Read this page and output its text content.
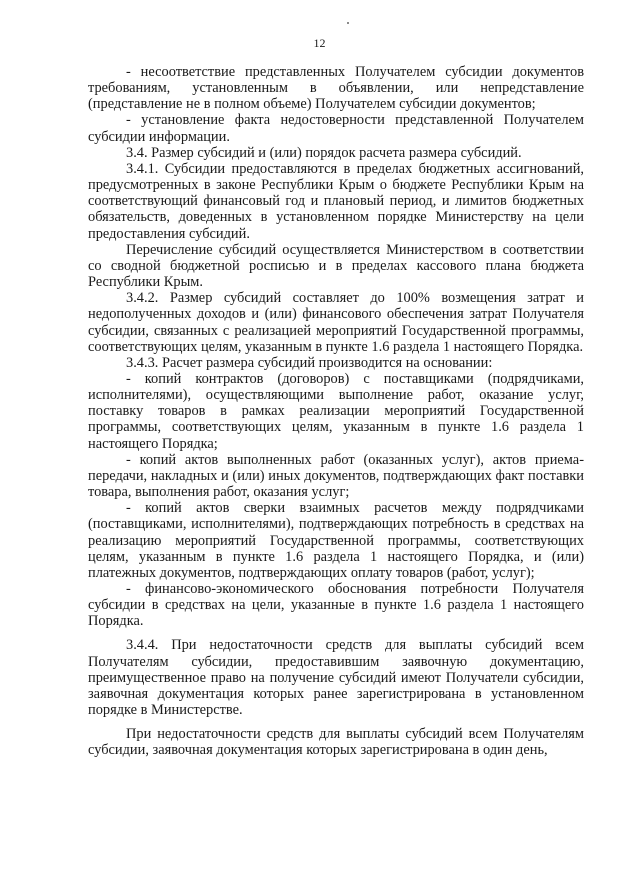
12

- несоответствие представленных Получателем субсидии документов требованиям, установленным в объявлении, или непредставление (представление не в полном объеме) Получателем субсидии документов;

- установление факта недостоверности представленной Получателем субсидии информации.

3.4. Размер субсидий и (или) порядок расчета размера субсидий.

3.4.1. Субсидии предоставляются в пределах бюджетных ассигнований, предусмотренных в законе Республики Крым о бюджете Республики Крым на соответствующий финансовый год и плановый период, и лимитов бюджетных обязательств, доведенных в установленном порядке Министерству на цели предоставления субсидий.

Перечисление субсидий осуществляется Министерством в соответствии со сводной бюджетной росписью и в пределах кассового плана бюджета Республики Крым.

3.4.2. Размер субсидий составляет до 100% возмещения затрат и недополученных доходов и (или) финансового обеспечения затрат Получателя субсидии, связанных с реализацией мероприятий Государственной программы, соответствующих целям, указанным в пункте 1.6 раздела 1 настоящего Порядка.

3.4.3. Расчет размера субсидий производится на основании:

- копий контрактов (договоров) с поставщиками (подрядчиками, исполнителями), осуществляющими выполнение работ, оказание услуг, поставку товаров в рамках реализации мероприятий Государственной программы, соответствующих целям, указанным в пункте 1.6 раздела 1 настоящего Порядка;

- копий актов выполненных работ (оказанных услуг), актов приема-передачи, накладных и (или) иных документов, подтверждающих факт поставки товара, выполнения работ, оказания услуг;

- копий актов сверки взаимных расчетов между подрядчиками (поставщиками, исполнителями), подтверждающих потребность в средствах на реализацию мероприятий Государственной программы, соответствующих целям, указанным в пункте 1.6 раздела 1 настоящего Порядка, и (или) платежных документов, подтверждающих оплату товаров (работ, услуг);

- финансово-экономического обоснования потребности Получателя субсидии в средствах на цели, указанные в пункте 1.6 раздела 1 настоящего Порядка.

3.4.4. При недостаточности средств для выплаты субсидий всем Получателям субсидии, предоставившим заявочную документацию, преимущественное право на получение субсидий имеют Получатели субсидии, заявочная документация которых ранее зарегистрирована в установленном порядке в Министерстве.

При недостаточности средств для выплаты субсидий всем Получателям субсидии, заявочная документация которых зарегистрирована в один день,
